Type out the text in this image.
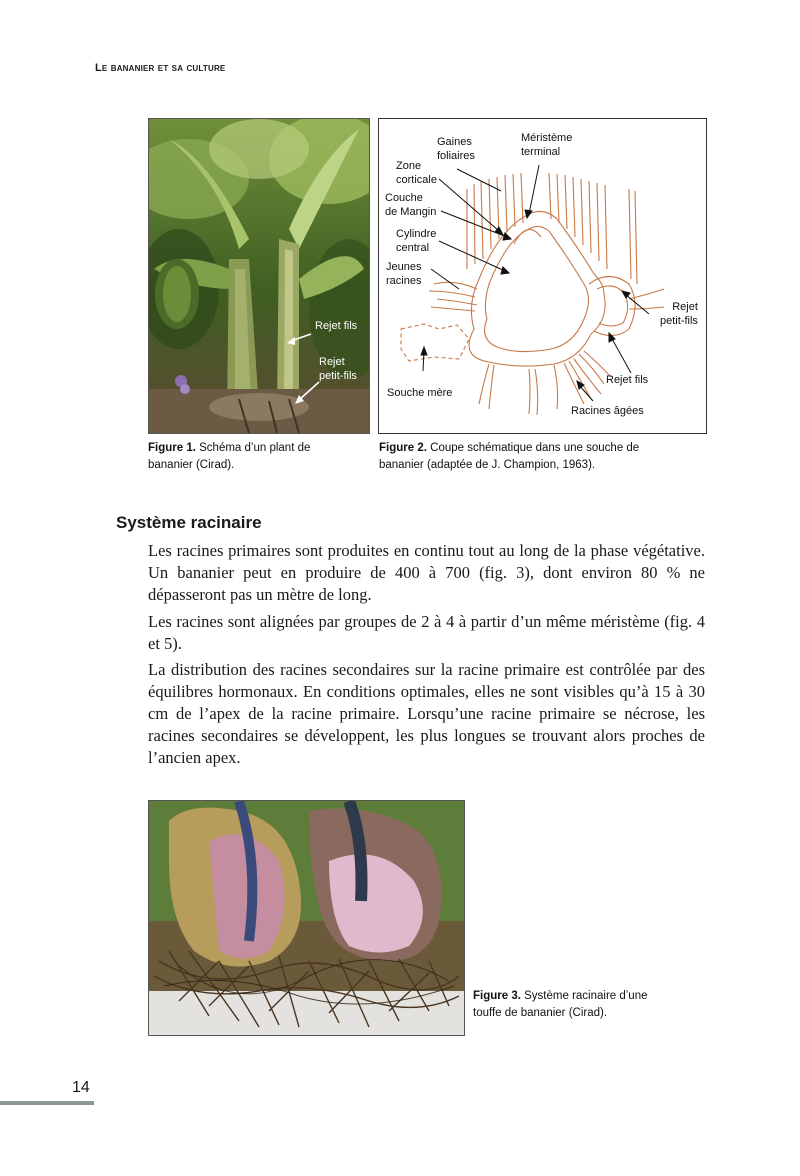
Le bananier et sa culture
Rejet fils
Rejet
petit-fils
Gaines
foliaires
Méristème
terminal
Zone
corticale
Couche
de Mangin
Cylindre
central
Jeunes
racines
Rejet
petit-fils
Rejet fils
Souche mère
Racines âgées
Figure 1. Schéma d’un plant de bananier (Cirad).
Figure 2. Coupe schématique dans une souche de bananier (adaptée de J. Champion, 1963).
Système racinaire

Les racines primaires sont produites en continu tout au long de la phase végétative. Un bananier peut en produire de 400 à 700 (fig. 3), dont environ 80 % ne dépasseront pas un mètre de long.

Les racines sont alignées par groupes de 2 à 4 à partir d’un même méristème (fig. 4 et 5).

La distribution des racines secondaires sur la racine primaire est contrôlée par des équilibres hormonaux. En conditions optimales, elles ne sont visibles qu’à 15 à 30 cm de l’apex de la racine primaire. Lorsqu’une racine primaire se nécrose, les racines secondaires se développent, les plus longues se trouvant alors proches de l’ancien apex.

Figure 3. Système racinaire d’une touffe de bananier (Cirad).
14
